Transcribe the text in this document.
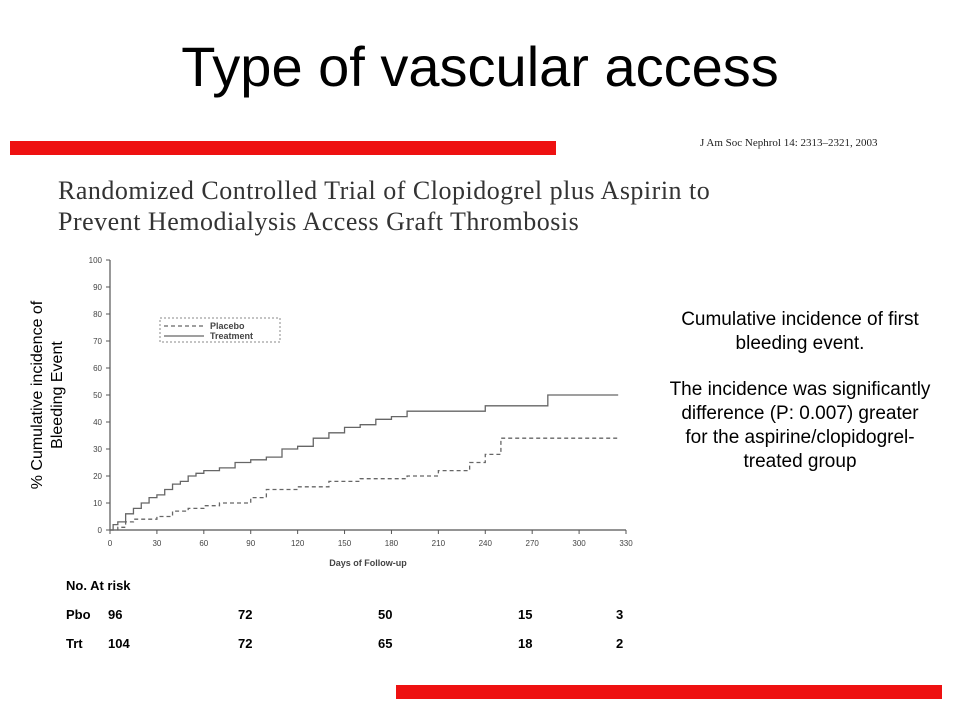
Type of vascular access
J Am Soc Nephrol 14: 2313–2321, 2003
Randomized Controlled Trial of Clopidogrel plus Aspirin to
Prevent Hemodialysis Access Graft Thrombosis
% Cumulative incidence of Bleeding Event
0
10
20
30
40
50
60
70
80
90
100
0	30	60	90	120	150	180	210	240	270	300	330
Days of Follow-up
Placebo
Treatment
Cumulative incidence of first bleeding event.
The incidence was significantly difference (P: 0.007) greater for the aspirine/clopidogrel-treated group
No. At risk
Pbo 96	72	50	15	3
Trt 104	72	65	18	2
